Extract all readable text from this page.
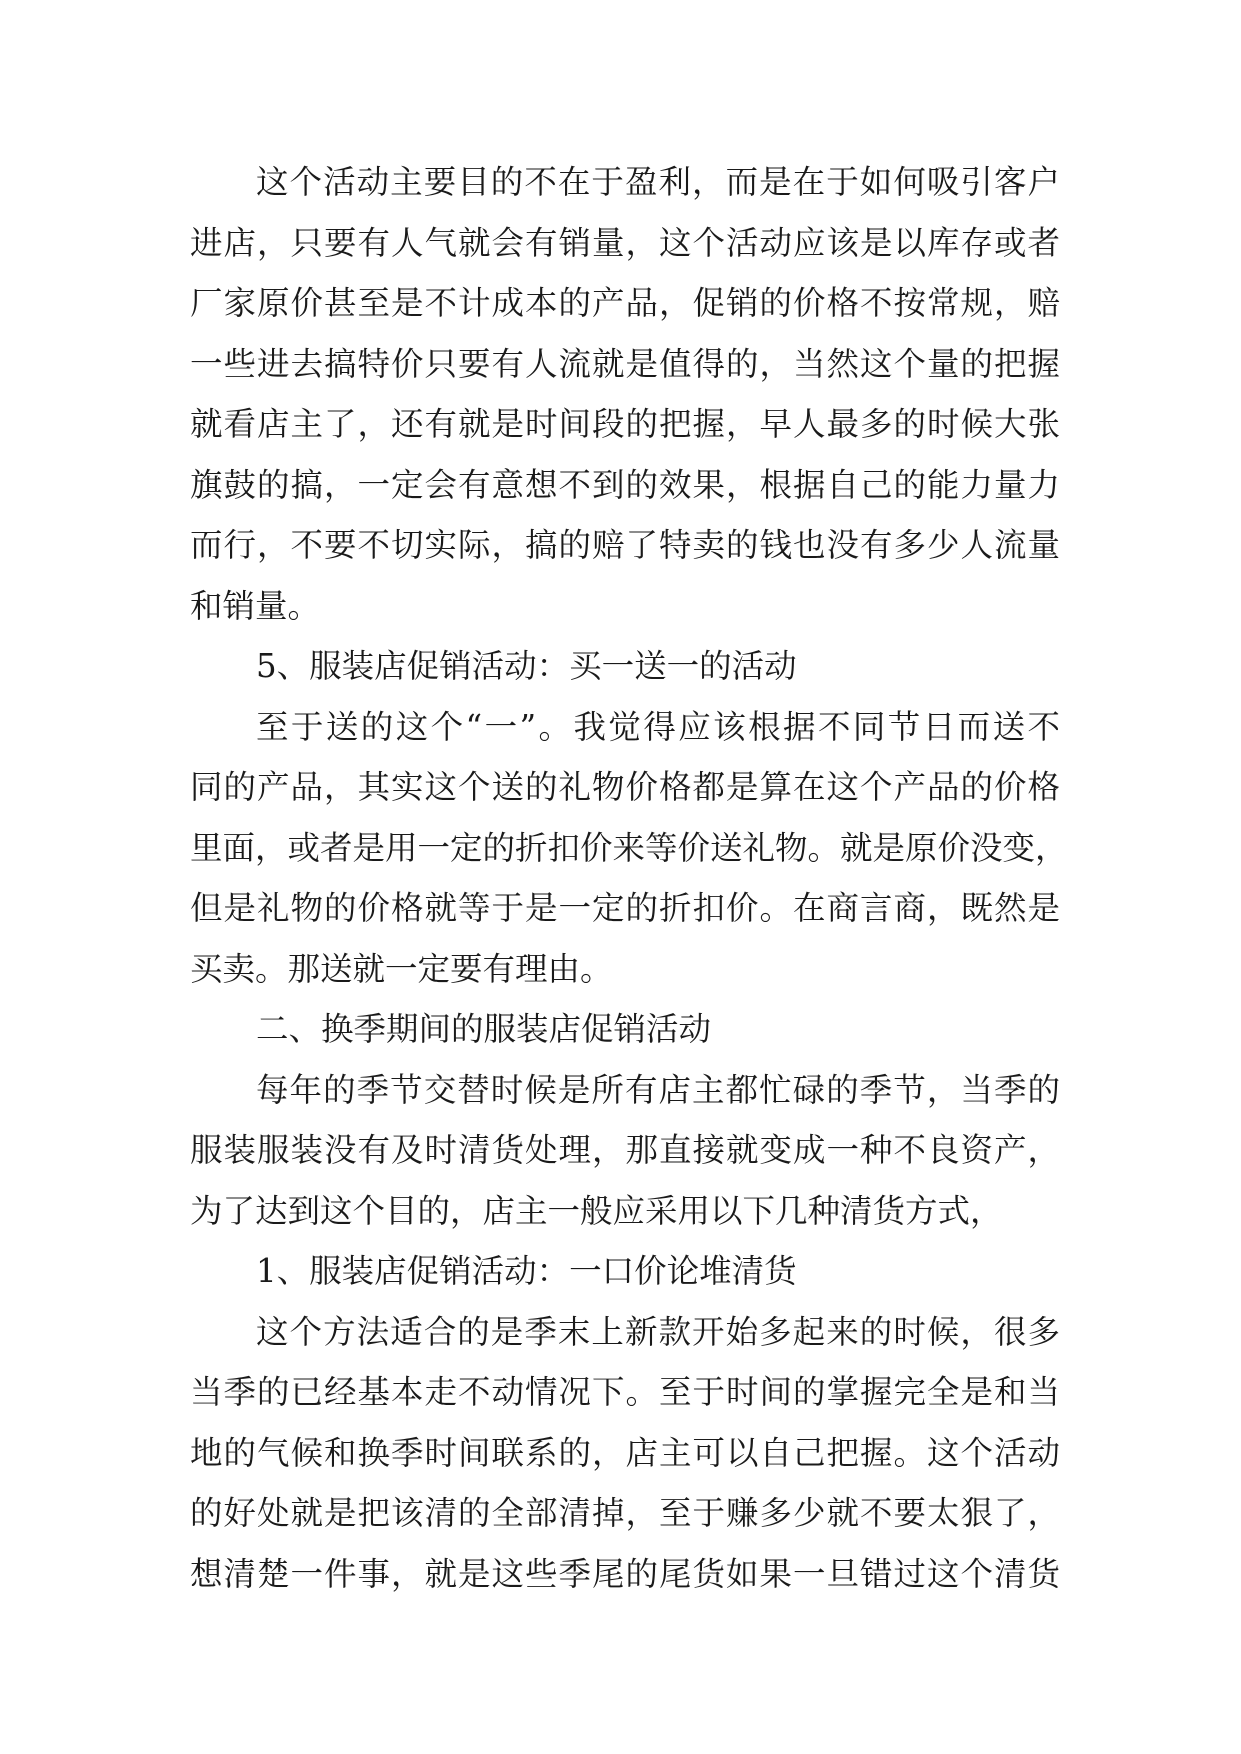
这个活动主要目的不在于盈利，而是在于如何吸引客户
进店，只要有人气就会有销量，这个活动应该是以库存或者
厂家原价甚至是不计成本的产品，促销的价格不按常规，赔
一些进去搞特价只要有人流就是值得的，当然这个量的把握
就看店主了，还有就是时间段的把握，早人最多的时候大张
旗鼓的搞，一定会有意想不到的效果，根据自己的能力量力
而行，不要不切实际，搞的赔了特卖的钱也没有多少人流量
和销量。
5、服装店促销活动：买一送一的活动
至于送的这个“一”。我觉得应该根据不同节日而送不
同的产品，其实这个送的礼物价格都是算在这个产品的价格
里面，或者是用一定的折扣价来等价送礼物。就是原价没变，
但是礼物的价格就等于是一定的折扣价。在商言商，既然是
买卖。那送就一定要有理由。
二、换季期间的服装店促销活动
每年的季节交替时候是所有店主都忙碌的季节，当季的
服装服装没有及时清货处理，那直接就变成一种不良资产，
为了达到这个目的，店主一般应采用以下几种清货方式，
1、服装店促销活动：一口价论堆清货
这个方法适合的是季末上新款开始多起来的时候，很多
当季的已经基本走不动情况下。至于时间的掌握完全是和当
地的气候和换季时间联系的，店主可以自己把握。这个活动
的好处就是把该清的全部清掉，至于赚多少就不要太狠了，
想清楚一件事，就是这些季尾的尾货如果一旦错过这个清货
